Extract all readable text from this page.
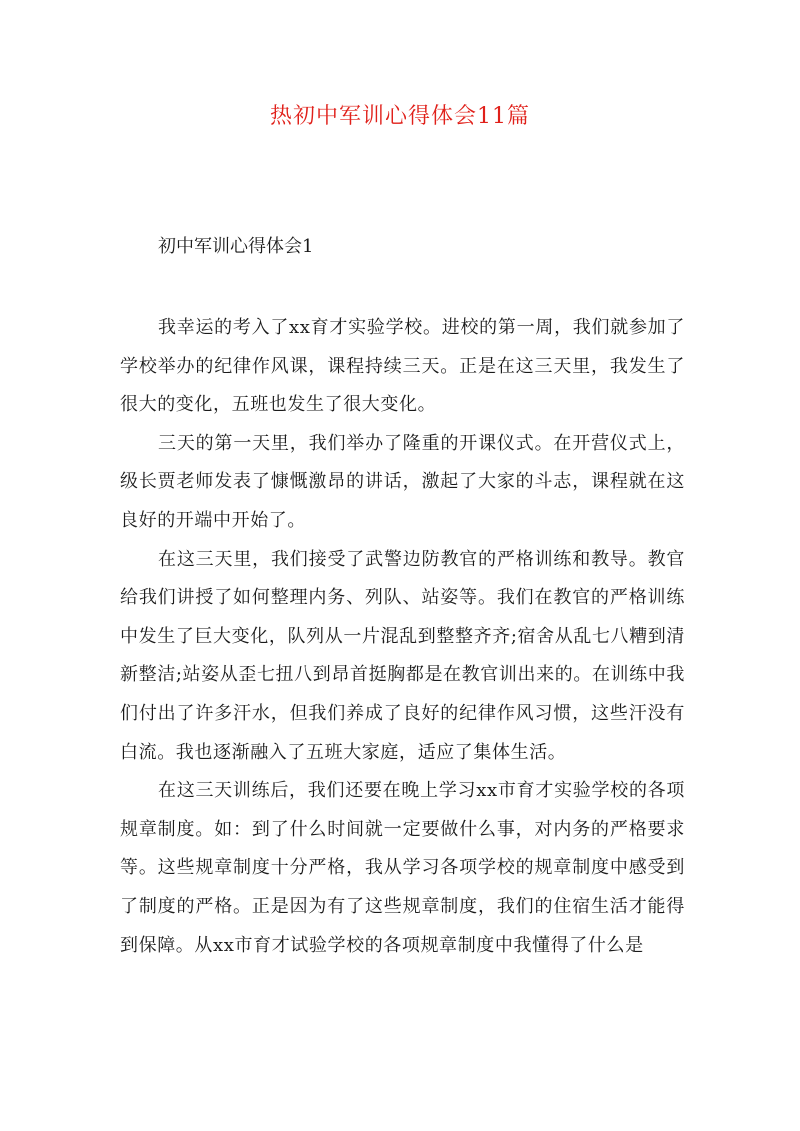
热初中军训心得体会11篇
初中军训心得体会1

我幸运的考入了xx育才实验学校。进校的第一周，我们就参加了学校举办的纪律作风课，课程持续三天。正是在这三天里，我发生了很大的变化，五班也发生了很大变化。

三天的第一天里，我们举办了隆重的开课仪式。在开营仪式上，级长贾老师发表了慷慨激昂的讲话，激起了大家的斗志，课程就在这良好的开端中开始了。

在这三天里，我们接受了武警边防教官的严格训练和教导。教官给我们讲授了如何整理内务、列队、站姿等。我们在教官的严格训练中发生了巨大变化，队列从一片混乱到整整齐齐;宿舍从乱七八糟到清新整洁;站姿从歪七扭八到昂首挺胸都是在教官训出来的。在训练中我们付出了许多汗水，但我们养成了良好的纪律作风习惯，这些汗没有白流。我也逐渐融入了五班大家庭，适应了集体生活。

在这三天训练后，我们还要在晚上学习xx市育才实验学校的各项规章制度。如：到了什么时间就一定要做什么事，对内务的严格要求等。这些规章制度十分严格，我从学习各项学校的规章制度中感受到了制度的严格。正是因为有了这些规章制度，我们的住宿生活才能得到保障。从xx市育才试验学校的各项规章制度中我懂得了什么是
